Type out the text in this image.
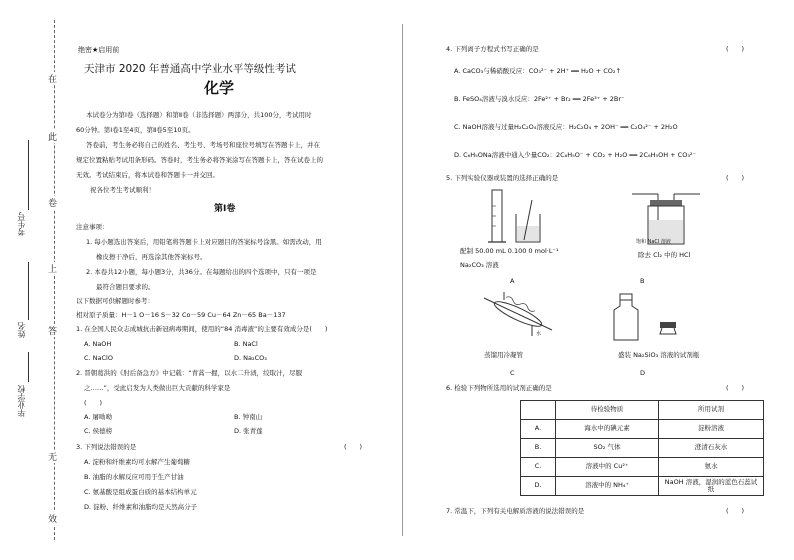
在
此
卷
上
答
无
效
考生号
姓名
毕业学校
绝密★启用前
天津市 2020 年普通高中学业水平等级性考试
化学
本试卷分为第Ⅰ卷（选择题）和第Ⅱ卷（非选择题）两部分，共100分，考试用时
60分钟。第Ⅰ卷1至4页，第Ⅱ卷5至10页。
答卷前，考生务必将自己的姓名、考生号、考场号和座位号填写在答题卡上，并在
规定位置粘贴考试用条形码。答卷时，考生务必将答案涂写在答题卡上，答在试卷上的
无效。考试结束后，将本试卷和答题卡一并交回。
祝各位考生考试顺利！
第Ⅰ卷
注意事项：
1. 每小题选出答案后，用铅笔将答题卡上对应题目的答案标号涂黑。如需改动，用
橡皮擦干净后，再选涂其他答案标号。
2. 本卷共12小题，每小题3分，共36分。在每题给出的四个选项中，只有一项是
最符合题目要求的。
以下数据可供解题时参考：
相对原子质量：H－1 O－16 S－32 Co－59 Cu－64 Zn－65 Ba－137
1. 在全国人民众志成城抗击新冠病毒期间，使用的“84 消毒液”的主要有效成分是(　　)
A. NaOH	B. NaCl
C. NaClO	D. Na₂CO₃
2. 晋朝葛洪的《肘后备急方》中记载：“青蒿一握，以水二升渍，绞取汁，尽服
之……”，受此启发为人类做出巨大贡献的科学家是
(　　)
A. 屠呦呦	B. 钟南山
C. 侯德榜	D. 张青莲
3. 下列说法错误的是	(　　)
A. 淀粉和纤维素均可水解产生葡萄糖
B. 油脂的水解反应可用于生产甘油
C. 氨基酸是组成蛋白质的基本结构单元
D. 淀粉、纤维素和油脂均是天然高分子
4. 下列离子方程式书写正确的是	(　　)
A. CaCO₃与稀硝酸反应：CO₃²⁻ + 2H⁺ ══ H₂O + CO₂↑
B. FeSO₄溶液与溴水反应：2Fe²⁺ + Br₂ ══ 2Fe³⁺ + 2Br⁻
C. NaOH溶液与过量H₂C₂O₄溶液反应：H₂C₂O₄ + 2OH⁻ ══ C₂O₄²⁻ + 2H₂O
D. C₆H₅ONa溶液中通入少量CO₂：2C₆H₅O⁻ + CO₂ + H₂O ══ 2C₆H₅OH + CO₃²⁻
5. 下列实验仪器或装置的选择正确的是	(　　)
配制 50.00 mL 0.100 0 mol·L⁻¹
Na₂CO₃ 溶液
饱和 NaCl 溶液
除去 Cl₂ 中的 HCl
A	B
水
蒸馏用冷凝管	盛装 Na₂SiO₃ 溶液的试剂瓶
C	D
6. 检验下列物所选用的试剂正确的是	(　　)
	待检验物质	所用试剂
A.	海水中的碘元素	淀粉溶液
B.	SO₂ 气体	澄清石灰水
C.	溶液中的 Cu²⁺	氨水
D.	溶液中的 NH₄⁺	NaOH 溶液，湿润的蓝色石蕊试纸
7. 常温下，下列有关电解质溶液的说法错误的是	(　　)
